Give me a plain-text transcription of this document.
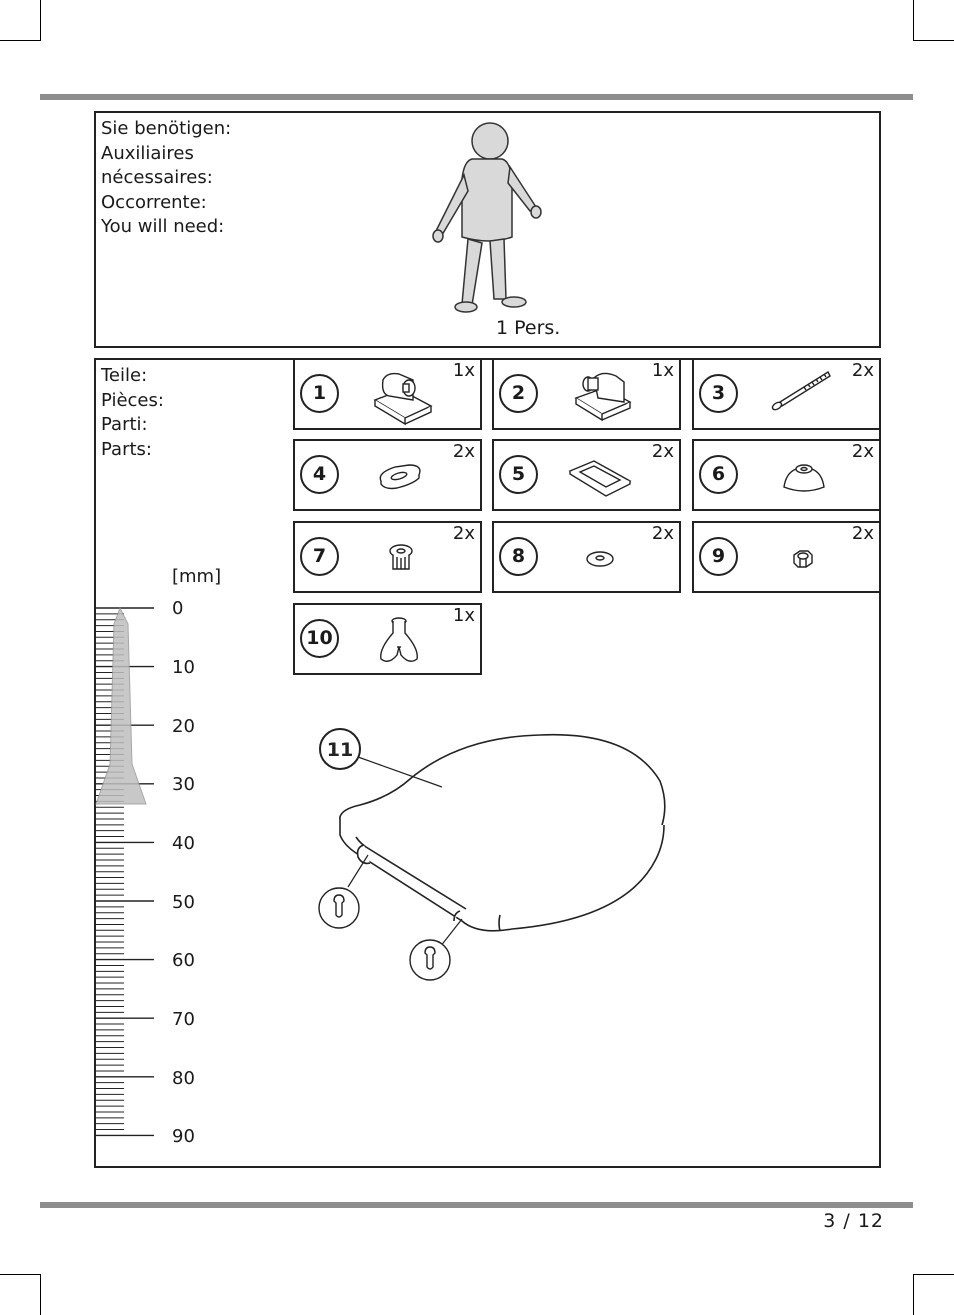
Sie benötigen:
Auxiliaires
nécessaires:
Occorrente:
You will need:
1 Pers.
Teile:
Pièces:
Parti:
Parts:
1
1x
2
1x
3
2x
4
2x
5
2x
6
2x
7
2x
8
2x
9
2x
10
1x
[mm]
0
10
20
30
40
50
60
70
80
90
11
3 / 12
